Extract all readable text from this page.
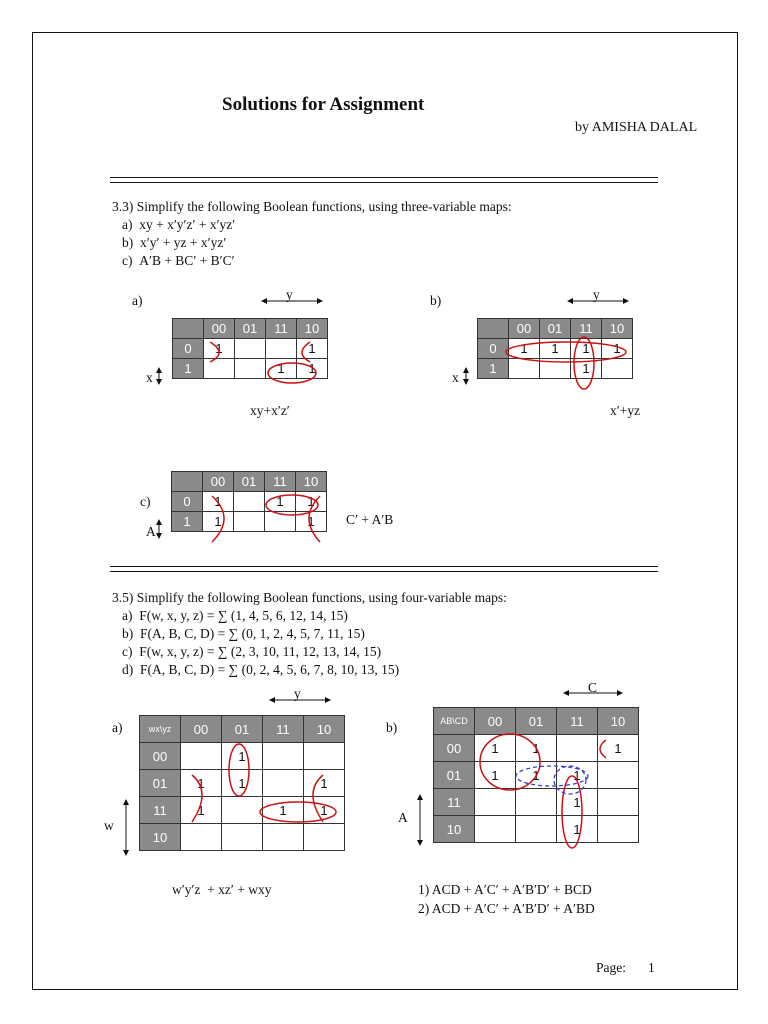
Solutions for Assignment
by AMISHA DALAL
3.3) Simplify the following Boolean functions, using three-variable maps:
a) xy + x′y′z′ + x′yz′
b) x′y′ + yz + x′yz′
c) A′B + BC′ + B′C′
a)	y
x
	00	01	11	10
0	1			1
1			1	1
xy+x′z′
b)	y
x
	00	01	11	10
0	1	1	1	1
1			1	
x′+yz
c)
A
	00	01	11	10
0	1		1	1
1	1			1 C′ + A′B
3.5) Simplify the following Boolean functions, using four-variable maps:
a) F(w, x, y, z) = ∑ (1, 4, 5, 6, 12, 14, 15)
b) F(A, B, C, D) = ∑ (0, 1, 2, 4, 5, 7, 11, 15)
c) F(w, x, y, z) = ∑ (2, 3, 10, 11, 12, 13, 14, 15)
d) F(A, B, C, D) = ∑ (0, 2, 4, 5, 6, 7, 8, 10, 13, 15)
a)
y
w
wx\yz	00	01	11	10
00		1		
01	1	1		1
11	1		1	1
10				
w′y′z  + xz′ + wxy
b)
C
A
AB\CD	00	01	11	10
00	1	1		1
01	1	1	1	
11			1	
10			1	
1) ACD + A′C′ + A′B′D′ + BCD
2) ACD + A′C′ + A′B′D′ + A′BD
Page: 1
